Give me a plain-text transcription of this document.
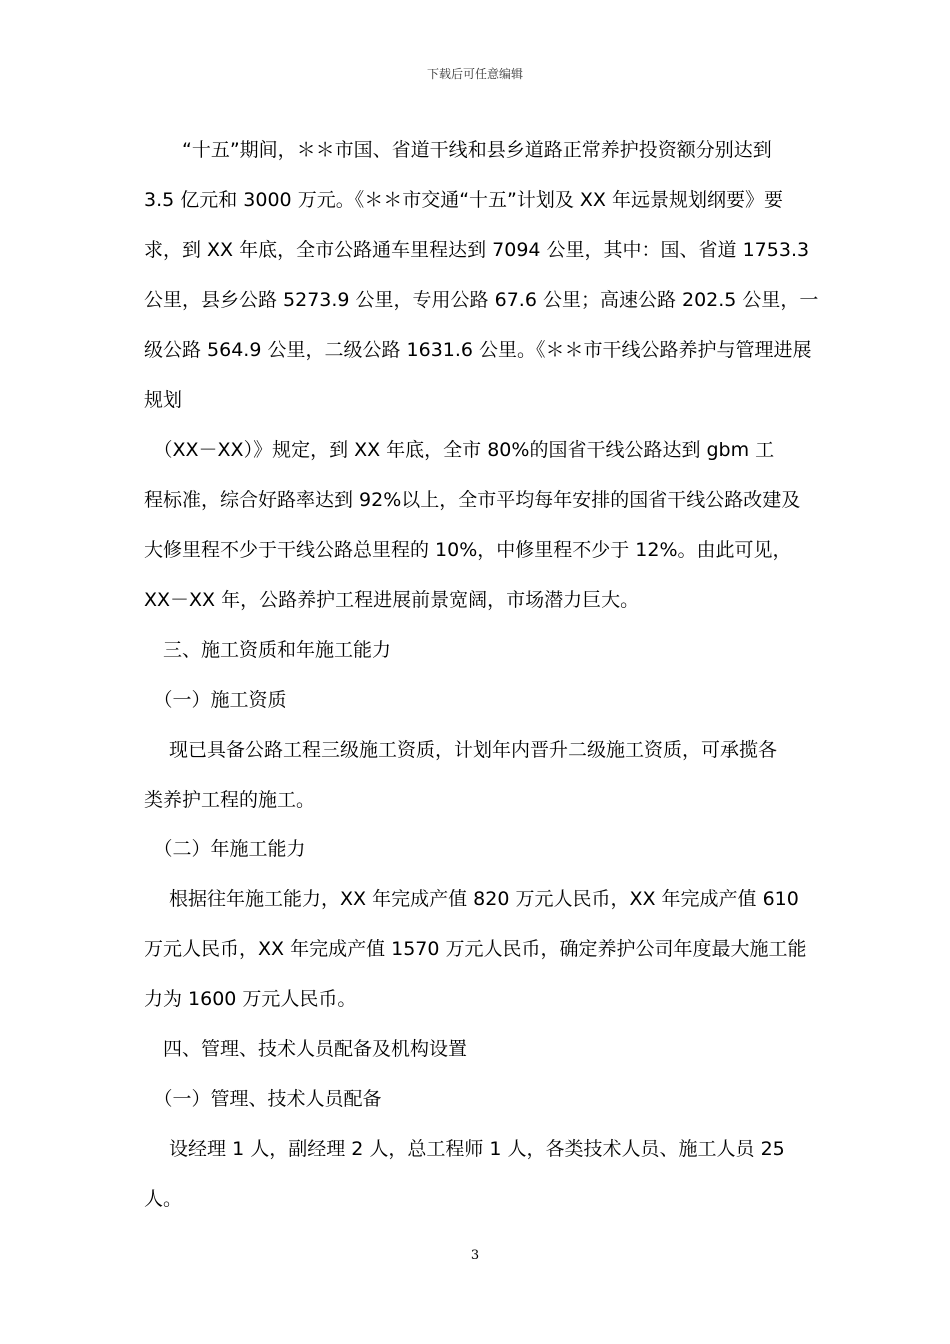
下载后可任意编辑
　　“十五”期间，＊＊市国、省道干线和县乡道路正常养护投资额分别达到
3.5 亿元和 3000 万元。《＊＊市交通“十五”计划及 XX 年远景规划纲要》要
求，到 XX 年底，全市公路通车里程达到 7094 公里，其中：国、省道 1753.3
公里，县乡公路 5273.9 公里，专用公路 67.6 公里；高速公路 202.5 公里，一
级公路 564.9 公里，二级公路 1631.6 公里。《＊＊市干线公路养护与管理进展
规划
　（XX－XX）》规定，到 XX 年底，全市 80%的国省干线公路达到 gbm 工
程标准，综合好路率达到 92%以上，全市平均每年安排的国省干线公路改建及
大修里程不少于干线公路总里程的 10%，中修里程不少于 12%。由此可见，
XX－XX 年，公路养护工程进展前景宽阔，市场潜力巨大。
　三、施工资质和年施工能力
　（一）施工资质
　 现已具备公路工程三级施工资质，计划年内晋升二级施工资质，可承揽各
类养护工程的施工。
　（二）年施工能力
　 根据往年施工能力，XX 年完成产值 820 万元人民币，XX 年完成产值 610
万元人民币，XX 年完成产值 1570 万元人民币，确定养护公司年度最大施工能
力为 1600 万元人民币。
　四、管理、技术人员配备及机构设置
　（一）管理、技术人员配备
　 设经理 1 人，副经理 2 人，总工程师 1 人，各类技术人员、施工人员 25
人。
3
